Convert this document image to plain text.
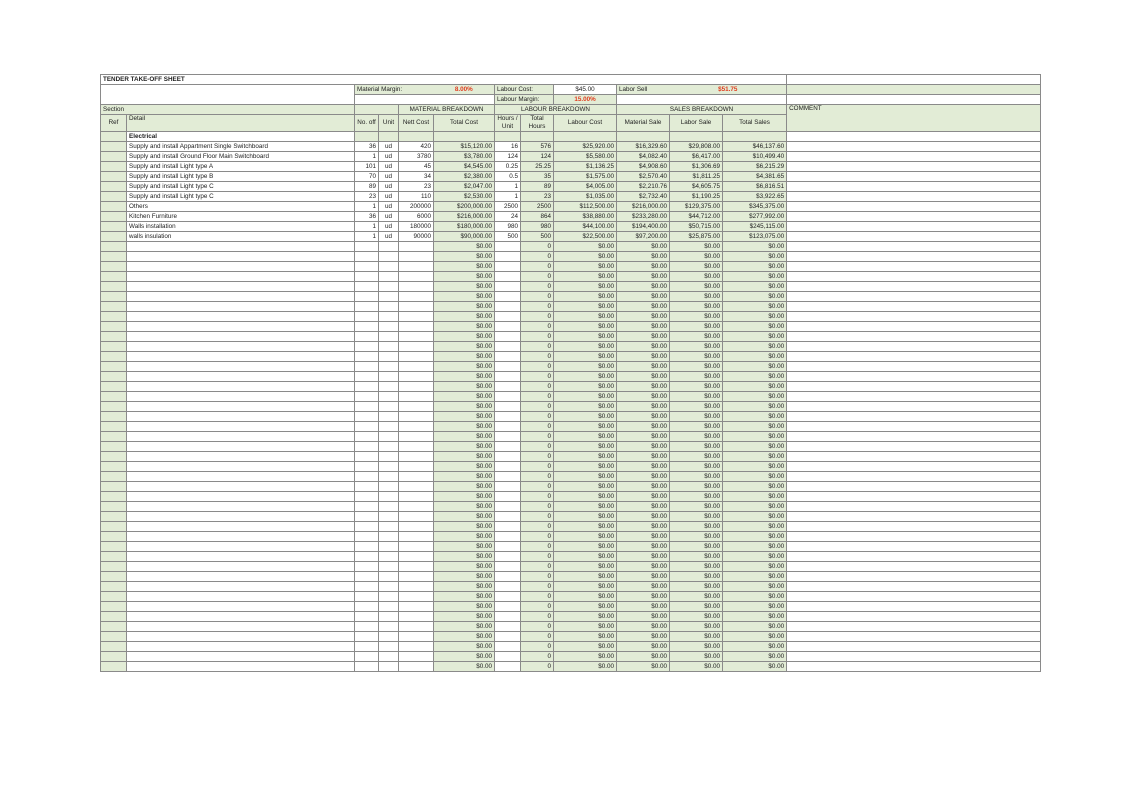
TENDER TAKE-OFF SHEET												
		Material Margin:			8.00%	Labour Cost:		$45.00	Labor Sell	$51.75		
						Labour Margin:		15.00%				
Section				MATERIAL BREAKDOWN		LABOUR BREAKDOWN			SALES BREAKDOWN			COMMENT
Ref	Detail	No. off	Unit	Nett Cost	Total Cost	Hours / Unit	Total Hours	Labour Cost	Material Sale	Labor Sale	Total Sales	
	Electrical											
	Supply and install Appartment Single Switchboard	36	ud	420	$15,120.00	16	576	$25,920.00	$16,329.60	$29,808.00	$46,137.60	
	Supply and install Ground Floor Main Switchboard	1	ud	3780	$3,780.00	124	124	$5,580.00	$4,082.40	$6,417.00	$10,499.40	
	Supply and install Light type A	101	ud	45	$4,545.00	0.25	25.25	$1,136.25	$4,908.60	$1,306.69	$6,215.29	
	Supply and install Light type B	70	ud	34	$2,380.00	0.5	35	$1,575.00	$2,570.40	$1,811.25	$4,381.65	
	Supply and install Light type C	89	ud	23	$2,047.00	1	89	$4,005.00	$2,210.76	$4,605.75	$6,816.51	
	Supply and install Light type C	23	ud	110	$2,530.00	1	23	$1,035.00	$2,732.40	$1,190.25	$3,922.65	
	Others	1	ud	200000	$200,000.00	2500	2500	$112,500.00	$216,000.00	$129,375.00	$345,375.00	
	Kitchen Furniture	36	ud	6000	$216,000.00	24	864	$38,880.00	$233,280.00	$44,712.00	$277,992.00	
	Walls installation	1	ud	180000	$180,000.00	980	980	$44,100.00	$194,400.00	$50,715.00	$245,115.00	
	walls insulation	1	ud	90000	$90,000.00	500	500	$22,500.00	$97,200.00	$25,875.00	$123,075.00	
					$0.00		0	$0.00	$0.00	$0.00	$0.00	
					$0.00		0	$0.00	$0.00	$0.00	$0.00	
					$0.00		0	$0.00	$0.00	$0.00	$0.00	
					$0.00		0	$0.00	$0.00	$0.00	$0.00	
					$0.00		0	$0.00	$0.00	$0.00	$0.00	
					$0.00		0	$0.00	$0.00	$0.00	$0.00	
					$0.00		0	$0.00	$0.00	$0.00	$0.00	
					$0.00		0	$0.00	$0.00	$0.00	$0.00	
					$0.00		0	$0.00	$0.00	$0.00	$0.00	
					$0.00		0	$0.00	$0.00	$0.00	$0.00	
					$0.00		0	$0.00	$0.00	$0.00	$0.00	
					$0.00		0	$0.00	$0.00	$0.00	$0.00	
					$0.00		0	$0.00	$0.00	$0.00	$0.00	
					$0.00		0	$0.00	$0.00	$0.00	$0.00	
					$0.00		0	$0.00	$0.00	$0.00	$0.00	
					$0.00		0	$0.00	$0.00	$0.00	$0.00	
					$0.00		0	$0.00	$0.00	$0.00	$0.00	
					$0.00		0	$0.00	$0.00	$0.00	$0.00	
					$0.00		0	$0.00	$0.00	$0.00	$0.00	
					$0.00		0	$0.00	$0.00	$0.00	$0.00	
					$0.00		0	$0.00	$0.00	$0.00	$0.00	
					$0.00		0	$0.00	$0.00	$0.00	$0.00	
					$0.00		0	$0.00	$0.00	$0.00	$0.00	
					$0.00		0	$0.00	$0.00	$0.00	$0.00	
					$0.00		0	$0.00	$0.00	$0.00	$0.00	
					$0.00		0	$0.00	$0.00	$0.00	$0.00	
					$0.00		0	$0.00	$0.00	$0.00	$0.00	
					$0.00		0	$0.00	$0.00	$0.00	$0.00	
					$0.00		0	$0.00	$0.00	$0.00	$0.00	
					$0.00		0	$0.00	$0.00	$0.00	$0.00	
					$0.00		0	$0.00	$0.00	$0.00	$0.00	
					$0.00		0	$0.00	$0.00	$0.00	$0.00	
					$0.00		0	$0.00	$0.00	$0.00	$0.00	
					$0.00		0	$0.00	$0.00	$0.00	$0.00	
					$0.00		0	$0.00	$0.00	$0.00	$0.00	
					$0.00		0	$0.00	$0.00	$0.00	$0.00	
					$0.00		0	$0.00	$0.00	$0.00	$0.00	
					$0.00		0	$0.00	$0.00	$0.00	$0.00	
					$0.00		0	$0.00	$0.00	$0.00	$0.00	
					$0.00		0	$0.00	$0.00	$0.00	$0.00	
					$0.00		0	$0.00	$0.00	$0.00	$0.00	
					$0.00		0	$0.00	$0.00	$0.00	$0.00	
					$0.00		0	$0.00	$0.00	$0.00	$0.00	
